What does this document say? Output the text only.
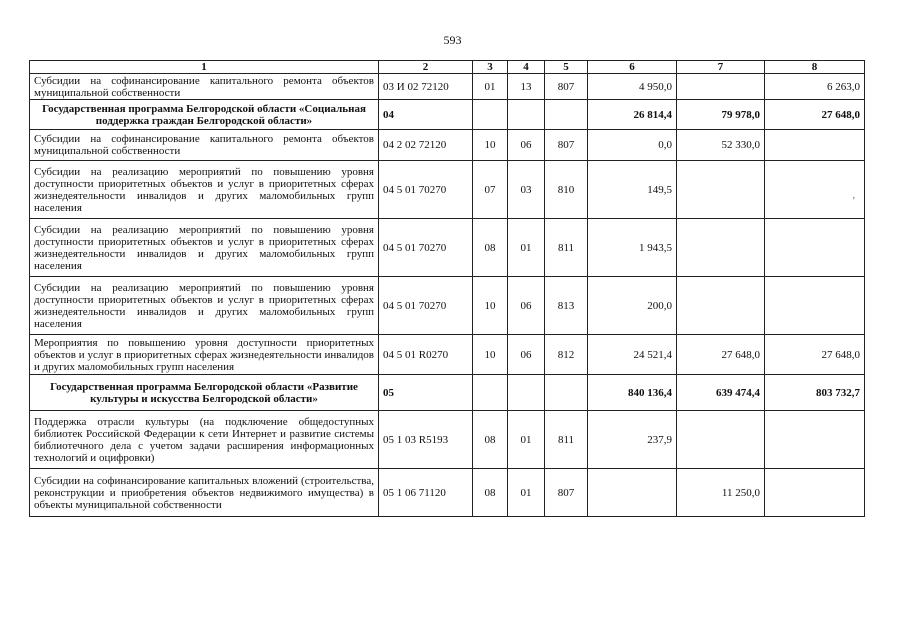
593
1	2	3	4	5	6	7	8
Субсидии на софинансирование капитального ремонта объектов муниципальной собственности	03 И 02 72120	01	13	807	4 950,0		6 263,0
Государственная программа Белгородской области «Социальная поддержка граждан Белгородской области»	04				26 814,4	79 978,0	27 648,0
Субсидии на софинансирование капитального ремонта объектов муниципальной собственности	04 2 02 72120	10	06	807	0,0	52 330,0	
Субсидии на реализацию мероприятий по повышению уровня доступности приоритетных объектов и услуг в приоритетных сферах жизнедеятельности инвалидов и других маломобильных групп населения	04 5 01 70270	07	03	810	149,5		
Субсидии на реализацию мероприятий по повышению уровня доступности приоритетных объектов и услуг в приоритетных сферах жизнедеятельности инвалидов и других маломобильных групп населения	04 5 01 70270	08	01	811	1 943,5		
Субсидии на реализацию мероприятий по повышению уровня доступности приоритетных объектов и услуг в приоритетных сферах жизнедеятельности инвалидов и других маломобильных групп населения	04 5 01 70270	10	06	813	200,0		
Мероприятия по повышению уровня доступности приоритетных объектов и услуг в приоритетных сферах жизнедеятельности инвалидов и других маломобильных групп населения	04 5 01 R0270	10	06	812	24 521,4	27 648,0	27 648,0
Государственная программа Белгородской области «Развитие культуры и искусства Белгородской области»	05				840 136,4	639 474,4	803 732,7
Поддержка отрасли культуры (на подключение общедоступных библиотек Российской Федерации к сети Интернет и развитие системы библиотечного дела с учетом задачи расширения информационных технологий и оцифровки)	05 1 03 R5193	08	01	811	237,9		
Субсидии на софинансирование капитальных вложений (строительства, реконструкции и приобретения объектов недвижимого имущества) в объекты муниципальной собственности	05 1 06 71120	08	01	807		11 250,0	
,
